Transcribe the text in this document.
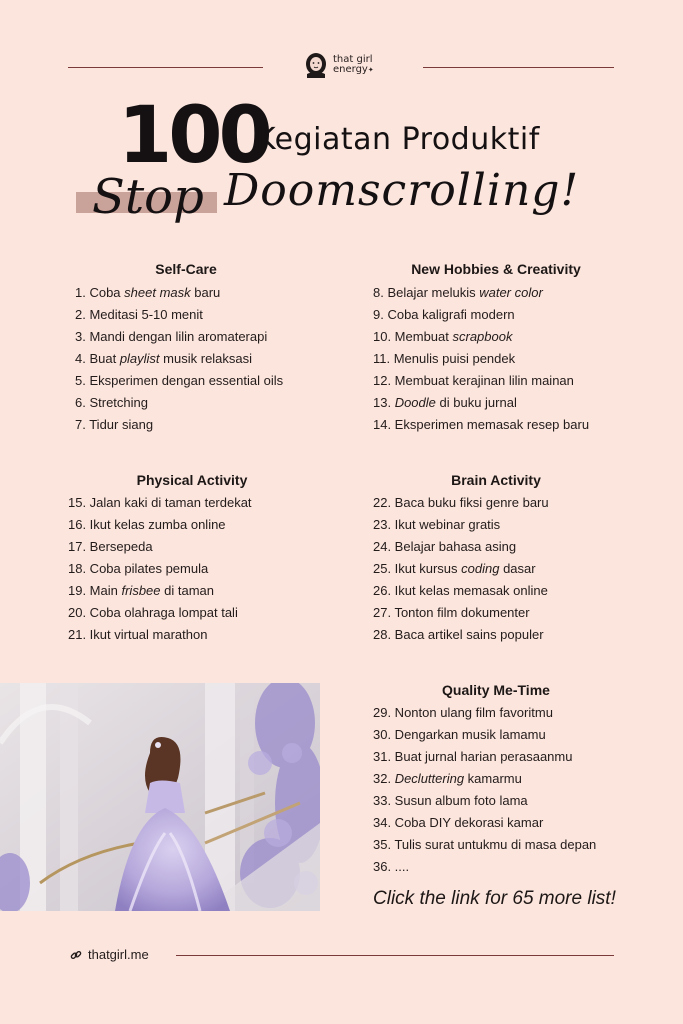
that girl
energy✦
100
Kegiatan Produktif
Stop Doomscrolling!
Self-Care
1. Coba sheet mask baru
2. Meditasi 5-10 menit
3. Mandi dengan lilin aromaterapi
4. Buat playlist musik relaksasi
5. Eksperimen dengan essential oils
6. Stretching
7. Tidur siang
New Hobbies & Creativity
8. Belajar melukis water color
9. Coba kaligrafi modern
10. Membuat scrapbook
11. Menulis puisi pendek
12. Membuat kerajinan lilin mainan
13. Doodle di buku jurnal
14. Eksperimen memasak resep baru
Physical Activity
15. Jalan kaki di taman terdekat
16. Ikut kelas zumba online
17. Bersepeda
18. Coba pilates pemula
19. Main frisbee di taman
20. Coba olahraga lompat tali
21. Ikut virtual marathon
Brain Activity
22. Baca buku fiksi genre baru
23. Ikut webinar gratis
24. Belajar bahasa asing
25. Ikut kursus coding dasar
26. Ikut kelas memasak online
27. Tonton film dokumenter
28. Baca artikel sains populer
Quality Me-Time
29. Nonton ulang film favoritmu
30. Dengarkan musik lamamu
31. Buat jurnal harian perasaanmu
32. Decluttering kamarmu
33. Susun album foto lama
34. Coba DIY dekorasi kamar
35. Tulis surat untukmu di masa depan
36. ....
Click the link for 65 more list!
thatgirl.me
